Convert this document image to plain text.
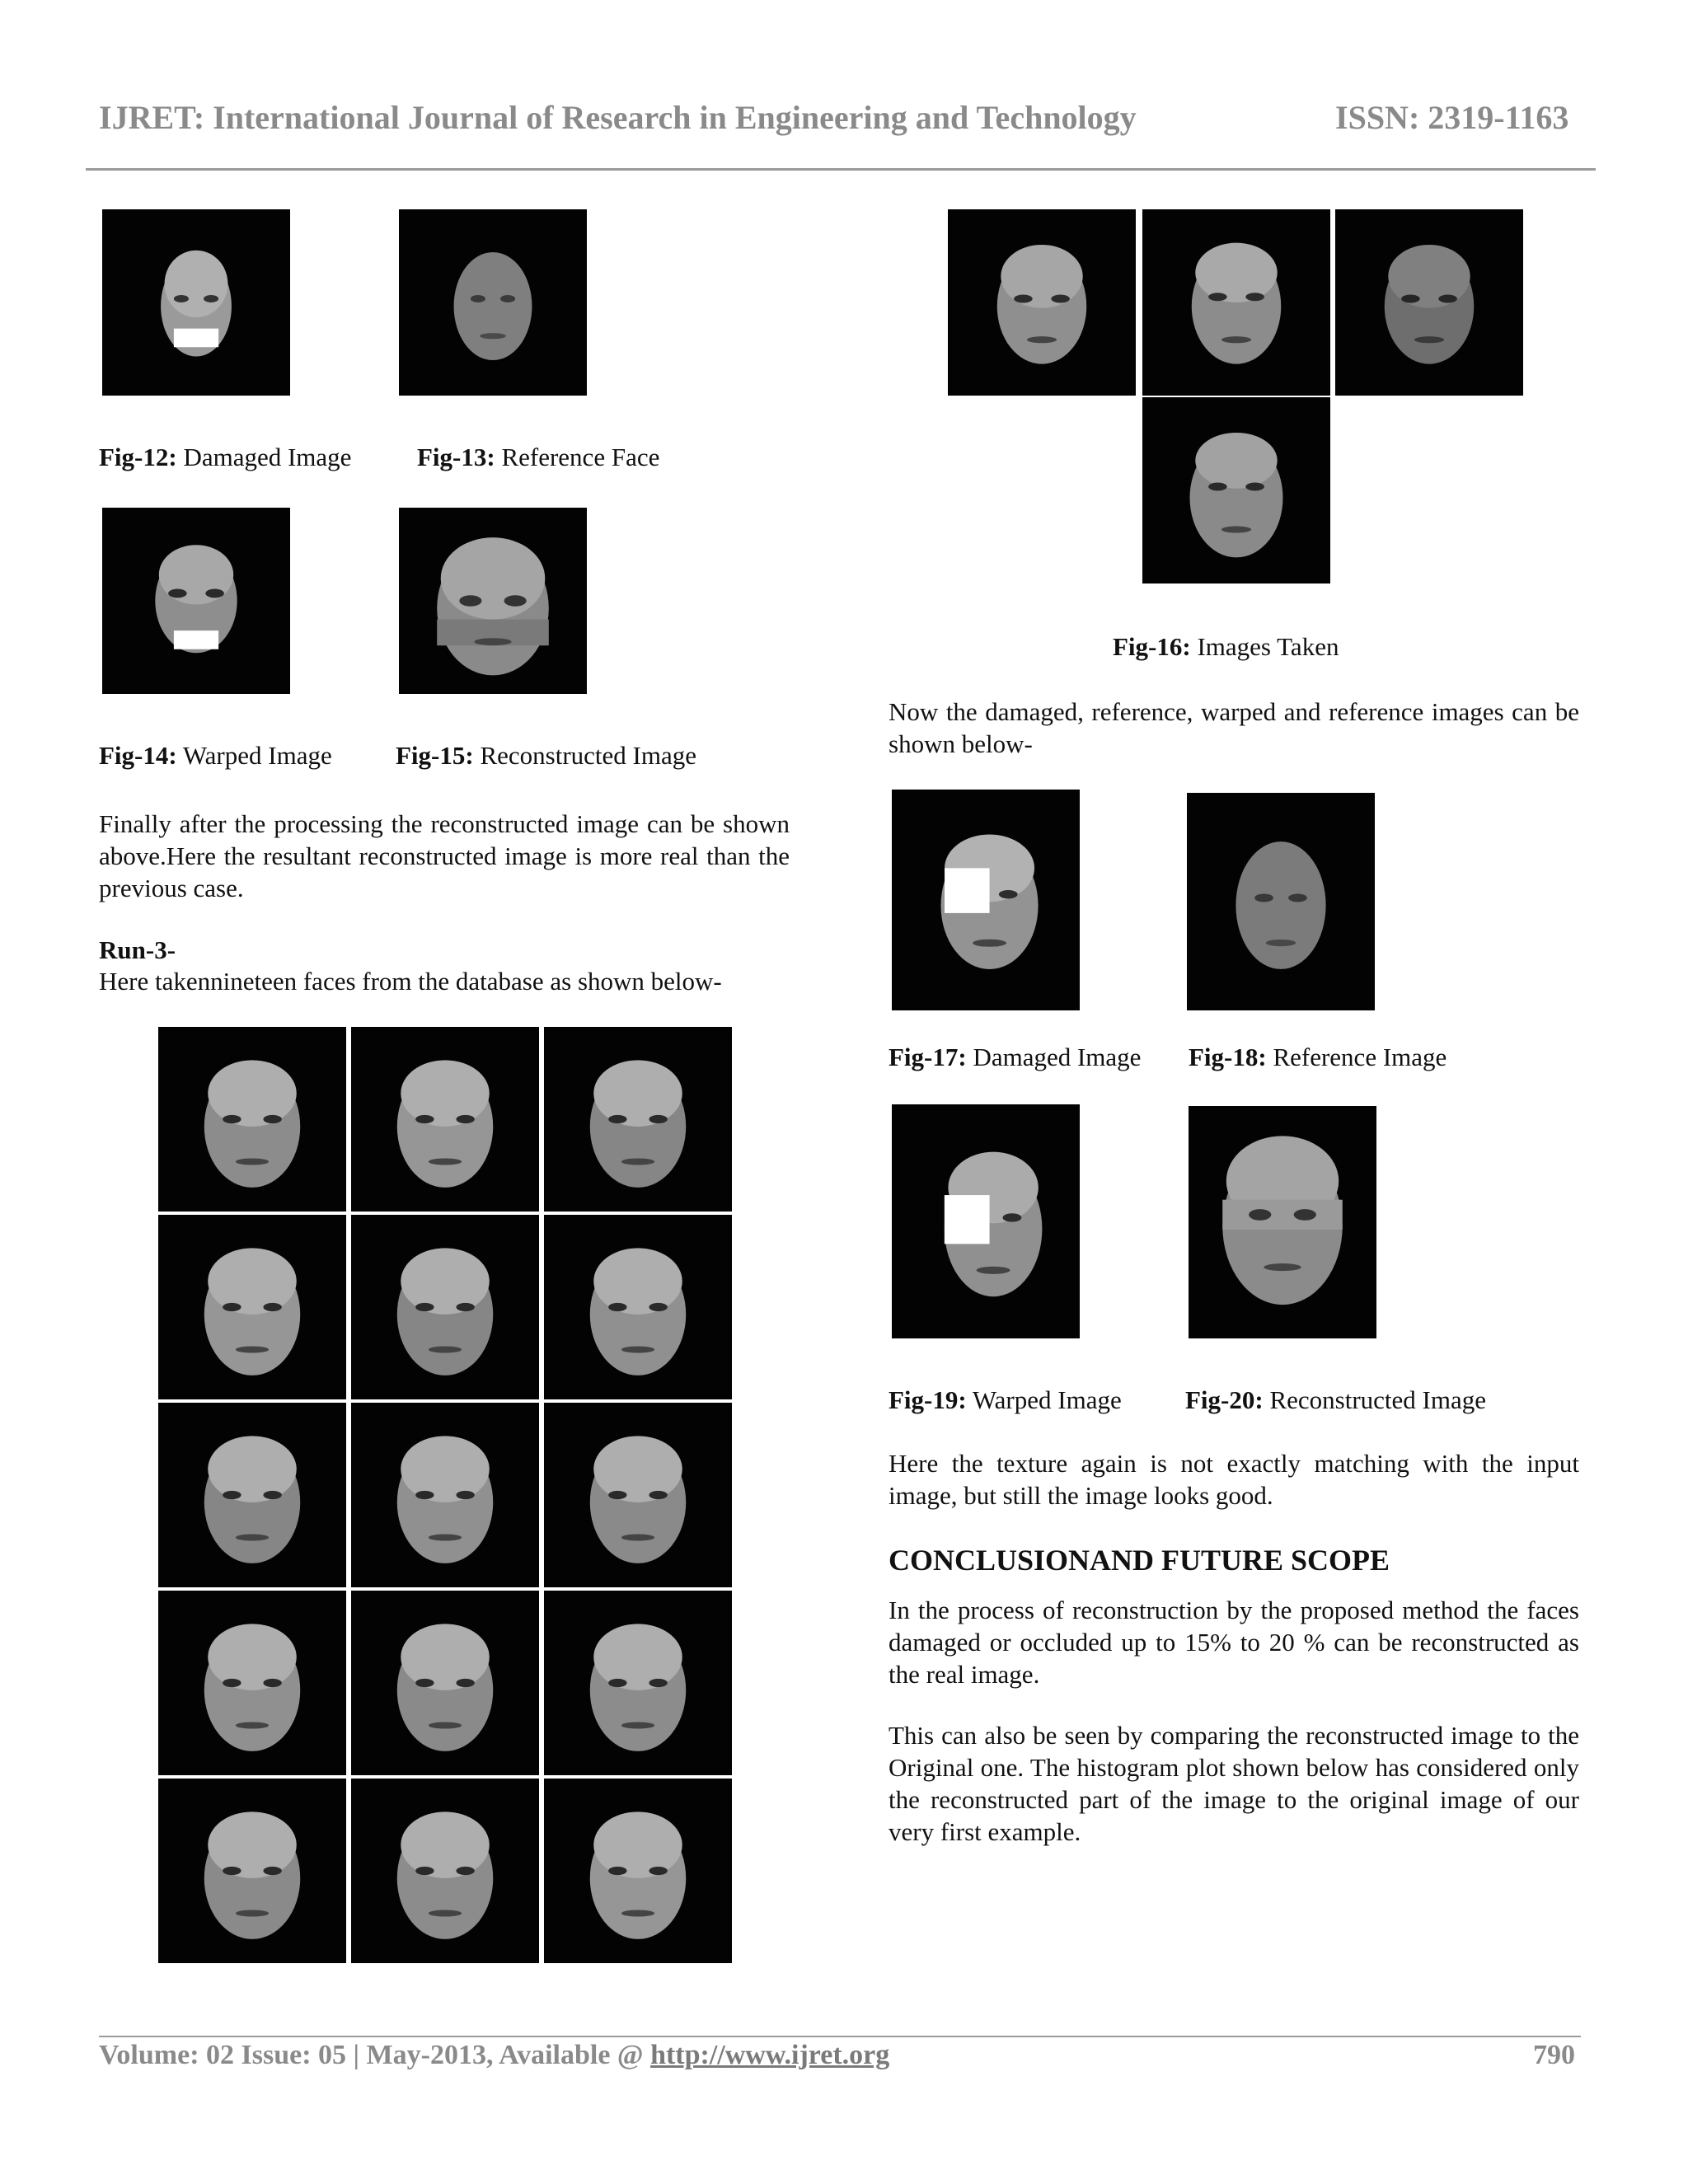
IJRET: International Journal of Research in Engineering and Technology	ISSN: 2319-1163
Fig-12: Damaged Image	Fig-13: Reference Face
Fig-14: Warped Image Fig-15: Reconstructed Image

Finally after the processing the reconstructed image can be shown above.Here the resultant reconstructed image is more real than the previous case.

Run-3-
Here takennineteen faces from the database as shown below-
Fig-16: Images Taken

Now the damaged, reference, warped and reference images can be shown below-

Fig-17: Damaged Image Fig-18: Reference Image
Fig-19: Warped Image Fig-20: Reconstructed Image

Here the texture again is not exactly matching with the input image, but still the image looks good.

CONCLUSIONAND FUTURE SCOPE

In the process of reconstruction by the proposed method the faces damaged or occluded up to 15% to 20 % can be reconstructed as the real image.

This can also be seen by comparing the reconstructed image to the Original one. The histogram plot shown below has considered only the reconstructed part of the image to the original image of our very first example.

Volume: 02 Issue: 05 | May-2013, Available @ http://www.ijret.org	790
